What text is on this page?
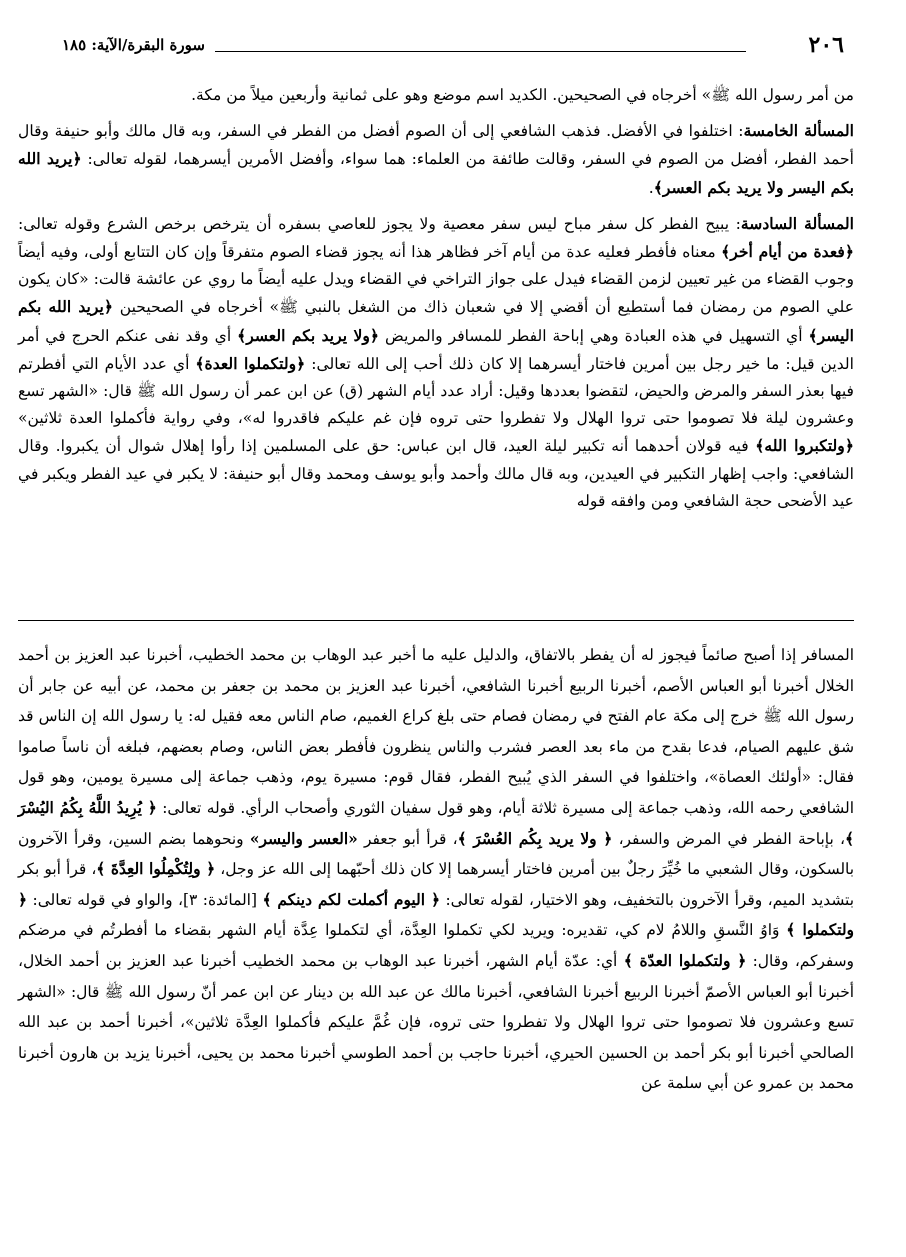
٢٠٦
سورة البقرة/الآية: ١٨٥

من أمر رسول الله ﷺ» أخرجاه في الصحيحين. الكديد اسم موضع وهو على ثمانية وأربعين ميلاً من مكة.

المسألة الخامسة: اختلفوا في الأفضل. فذهب الشافعي إلى أن الصوم أفضل من الفطر في السفر، وبه قال مالك وأبو حنيفة وقال أحمد الفطر، أفضل من الصوم في السفر، وقالت طائفة من العلماء: هما سواء، وأفضل الأمرين أيسرهما، لقوله تعالى: ﴿يريد الله بكم اليسر ولا يريد بكم العسر﴾.

المسألة السادسة: يبيح الفطر كل سفر مباح ليس سفر معصية ولا يجوز للعاصي بسفره أن يترخص برخص الشرع وقوله تعالى: ﴿فعدة من أيام أخر﴾ معناه فأفطر فعليه عدة من أيام آخر فظاهر هذا أنه يجوز قضاء الصوم متفرقاً وإن كان التتابع أولى، وفيه أيضاً وجوب القضاء من غير تعيين لزمن القضاء فيدل على جواز التراخي في القضاء ويدل عليه أيضاً ما روي عن عائشة قالت: «كان يكون علي الصوم من رمضان فما أستطيع أن أقضي إلا في شعبان ذاك من الشغل بالنبي ﷺ» أخرجاه في الصحيحين ﴿يريد الله بكم اليسر﴾ أي التسهيل في هذه العبادة وهي إباحة الفطر للمسافر والمريض ﴿ولا يريد بكم العسر﴾ أي وقد نفى عنكم الحرج في أمر الدين قيل: ما خير رجل بين أمرين فاختار أيسرهما إلا كان ذلك أحب إلى الله تعالى: ﴿ولتكملوا العدة﴾ أي عدد الأيام التي أفطرتم فيها بعذر السفر والمرض والحيض، لتقضوا بعددها وقيل: أراد عدد أيام الشهر (ق) عن ابن عمر أن رسول الله ﷺ قال: «الشهر تسع وعشرون ليلة فلا تصوموا حتى تروا الهلال ولا تفطروا حتى تروه فإن غم عليكم فاقدروا له»، وفي رواية فأكملوا العدة ثلاثين» ﴿ولتكبروا الله﴾ فيه قولان أحدهما أنه تكبير ليلة العيد، قال ابن عباس: حق على المسلمين إذا رأوا إهلال شوال أن يكبروا. وقال الشافعي: واجب إظهار التكبير في العيدين، وبه قال مالك وأحمد وأبو يوسف ومحمد وقال أبو حنيفة: لا يكبر في عيد الفطر ويكبر في عيد الأضحى حجة الشافعي ومن وافقه قوله

المسافر إذا أصبح صائماً فيجوز له أن يفطر بالاتفاق، والدليل عليه ما أخبر عبد الوهاب بن محمد الخطيب، أخبرنا عبد العزيز بن أحمد الخلال أخبرنا أبو العباس الأصم، أخبرنا الربيع أخبرنا الشافعي، أخبرنا عبد العزيز بن محمد بن جعفر بن محمد، عن أبيه عن جابر أن رسول الله ﷺ خرج إلى مكة عام الفتح في رمضان فصام حتى بلغ كراع الغميم، صام الناس معه فقيل له: يا رسول الله إن الناس قد شق عليهم الصيام، فدعا بقدح من ماء بعد العصر فشرب والناس ينظرون فأفطر بعض الناس، وصام بعضهم، فبلغه أن ناساً صاموا فقال: «أولئك العصاة»، واختلفوا في السفر الذي يُبيح الفطر، فقال قوم: مسيرة يوم، وذهب جماعة إلى مسيرة يومين، وهو قول الشافعي رحمه الله، وذهب جماعة إلى مسيرة ثلاثة أيام، وهو قول سفيان الثوري وأصحاب الرأي. قوله تعالى: ﴿ يُرِيدُ اللَّهُ بِكُمُ اليُسْرَ ﴾، بإباحة الفطر في المرض والسفر، ﴿ ولا يريد بِكُم العُسْرَ ﴾، قرأ أبو جعفر «العسر واليسر» ونحوهما بضم السين، وقرأ الآخرون بالسكون، وقال الشعبي ما خُيِّرَ رجلٌ بين أمرين فاختار أيسرهما إلا كان ذلك أحبّهما إلى الله عز وجل، ﴿ ولِتُكْمِلُوا العِدَّةَ ﴾، قرأ أبو بكر بتشديد الميم، وقرأ الآخرون بالتخفيف، وهو الاختيار، لقوله تعالى: ﴿ اليوم أكملت لكم دينكم ﴾ [المائدة: ٣]، والواو في قوله تعالى: ﴿ ولتكملوا ﴾ وَاوُ النَّسقِ واللامُ لام كي، تقديره: ويريد لكي تكملوا العِدَّة، أي لتكملوا عِدَّة أيام الشهر بقضاء ما أفطرتُم في مرضكم وسفركم، وقال: ﴿ ولتكملوا العدّة ﴾ أي: عدّة أيام الشهر، أخبرنا عبد الوهاب بن محمد الخطيب أخبرنا عبد العزيز بن أحمد الخلال، أخبرنا أبو العباس الأصمّ أخبرنا الربيع أخبرنا الشافعي، أخبرنا مالك عن عبد الله بن دينار عن ابن عمر أنّ رسول الله ﷺ قال: «الشهر تسع وعشرون فلا تصوموا حتى تروا الهلال ولا تفطروا حتى تروه، فإن غُمَّ عليكم فأكملوا العِدَّة ثلاثين»، أخبرنا أحمد بن عبد الله الصالحي أخبرنا أبو بكر أحمد بن الحسين الحيري، أخبرنا حاجب بن أحمد الطوسي أخبرنا محمد بن يحيى، أخبرنا يزيد بن هارون أخبرنا محمد بن عمرو عن أبي سلمة عن
